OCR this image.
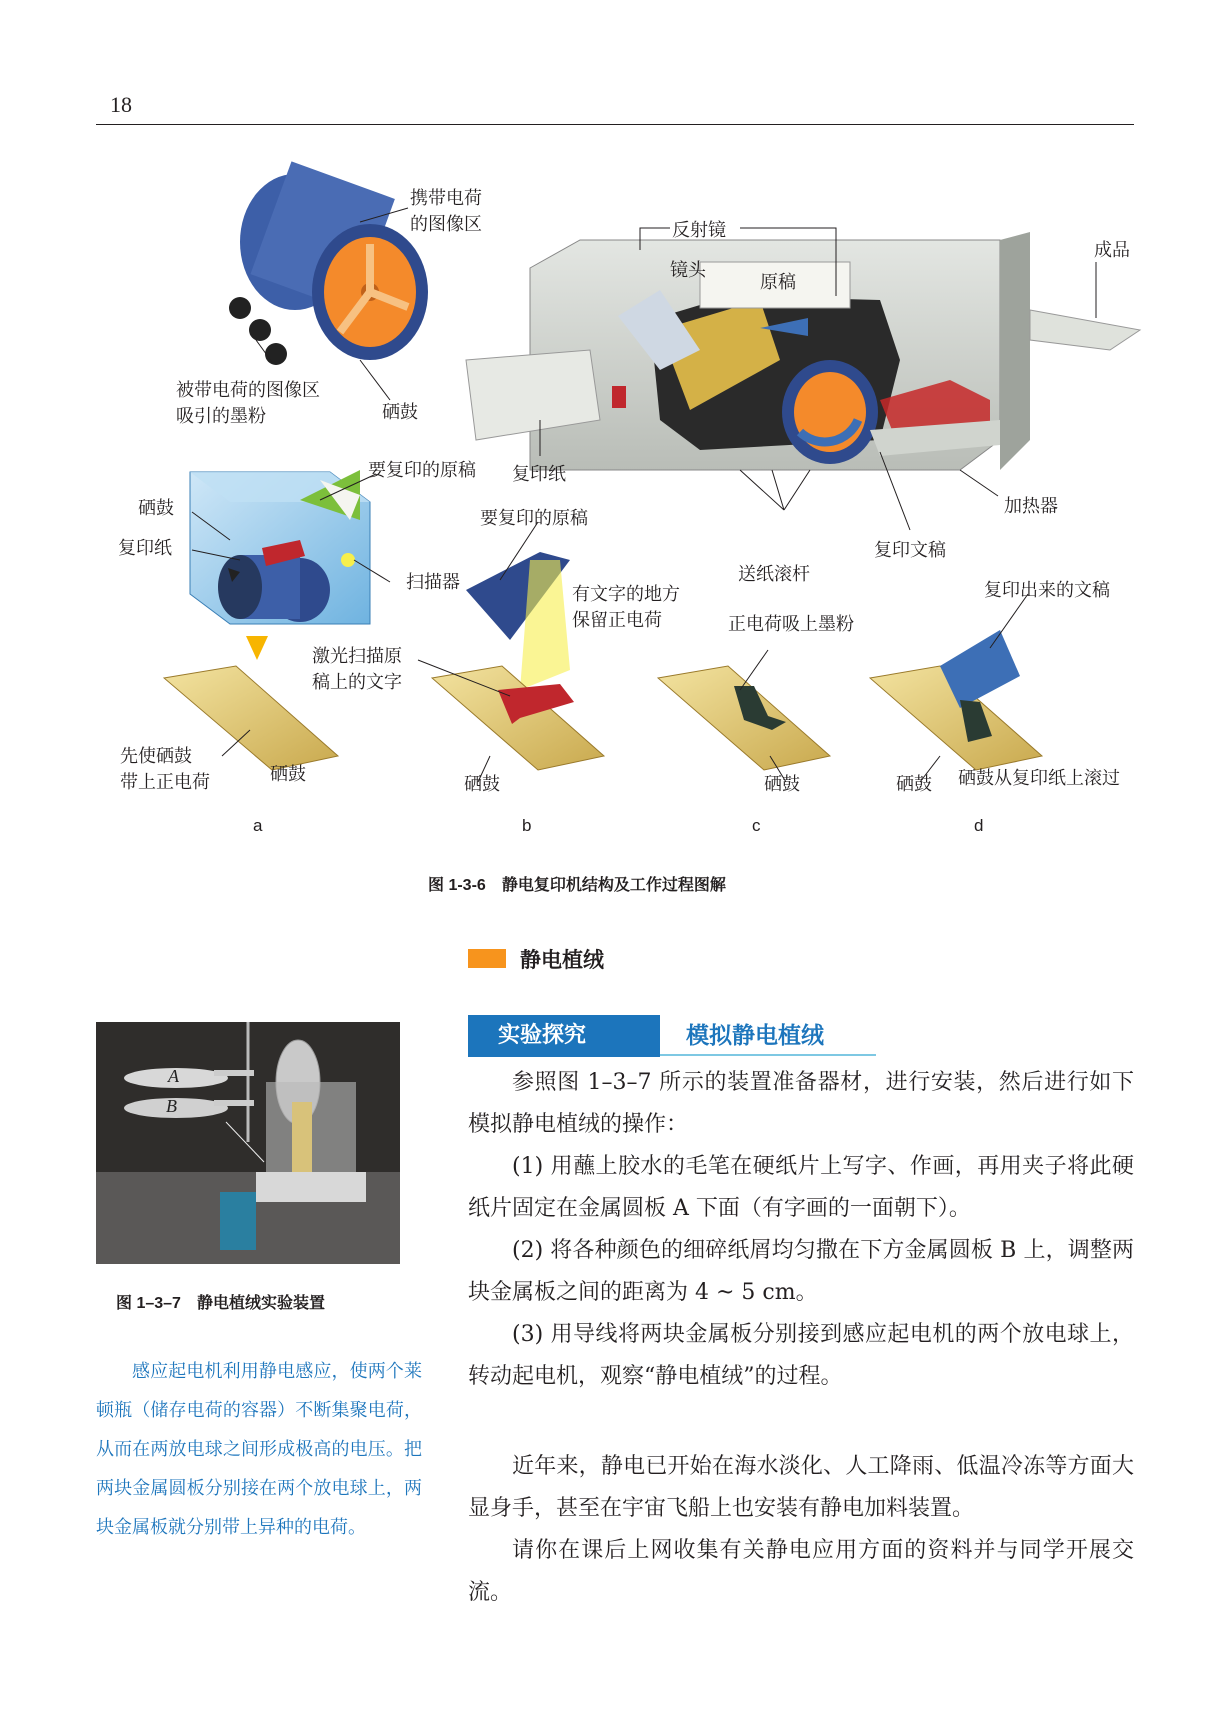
18
携带电荷
的图像区
被带电荷的图像区
吸引的墨粉	硒鼓
反射镜
镜头
原稿
成品
复印纸
加热器
复印文稿
送纸滚杆
要复印的原稿
硒鼓
复印纸
扫描器
先使硒鼓
带上正电荷	硒鼓
要复印的原稿
有文字的地方
保留正电荷
激光扫描原
稿上的文字
硒鼓
正电荷吸上墨粉
硒鼓
复印出来的文稿
硒鼓 硒鼓从复印纸上滚过
a	b	c	d
图 1-3-6 静电复印机结构及工作过程图解
静电植绒
实验探究	模拟静电植绒

参照图 1–3–7 所示的装置准备器材，进行安装，然后进行如下模拟静电植绒的操作：

(1) 用蘸上胶水的毛笔在硬纸片上写字、作画，再用夹子将此硬纸片固定在金属圆板 A 下面（有字画的一面朝下）。

(2) 将各种颜色的细碎纸屑均匀撒在下方金属圆板 B 上，调整两块金属板之间的距离为 4 ~ 5 cm。

(3) 用导线将两块金属板分别接到感应起电机的两个放电球上，转动起电机，观察“静电植绒”的过程。

A
B
图 1–3–7 静电植绒实验装置
感应起电机利用静电感应，使两个莱顿瓶（储存电荷的容器）不断集聚电荷，从而在两放电球之间形成极高的电压。把两块金属圆板分别接在两个放电球上，两块金属板就分别带上异种的电荷。

近年来，静电已开始在海水淡化、人工降雨、低温冷冻等方面大显身手，甚至在宇宙飞船上也安装有静电加料装置。

请你在课后上网收集有关静电应用方面的资料并与同学开展交流。
